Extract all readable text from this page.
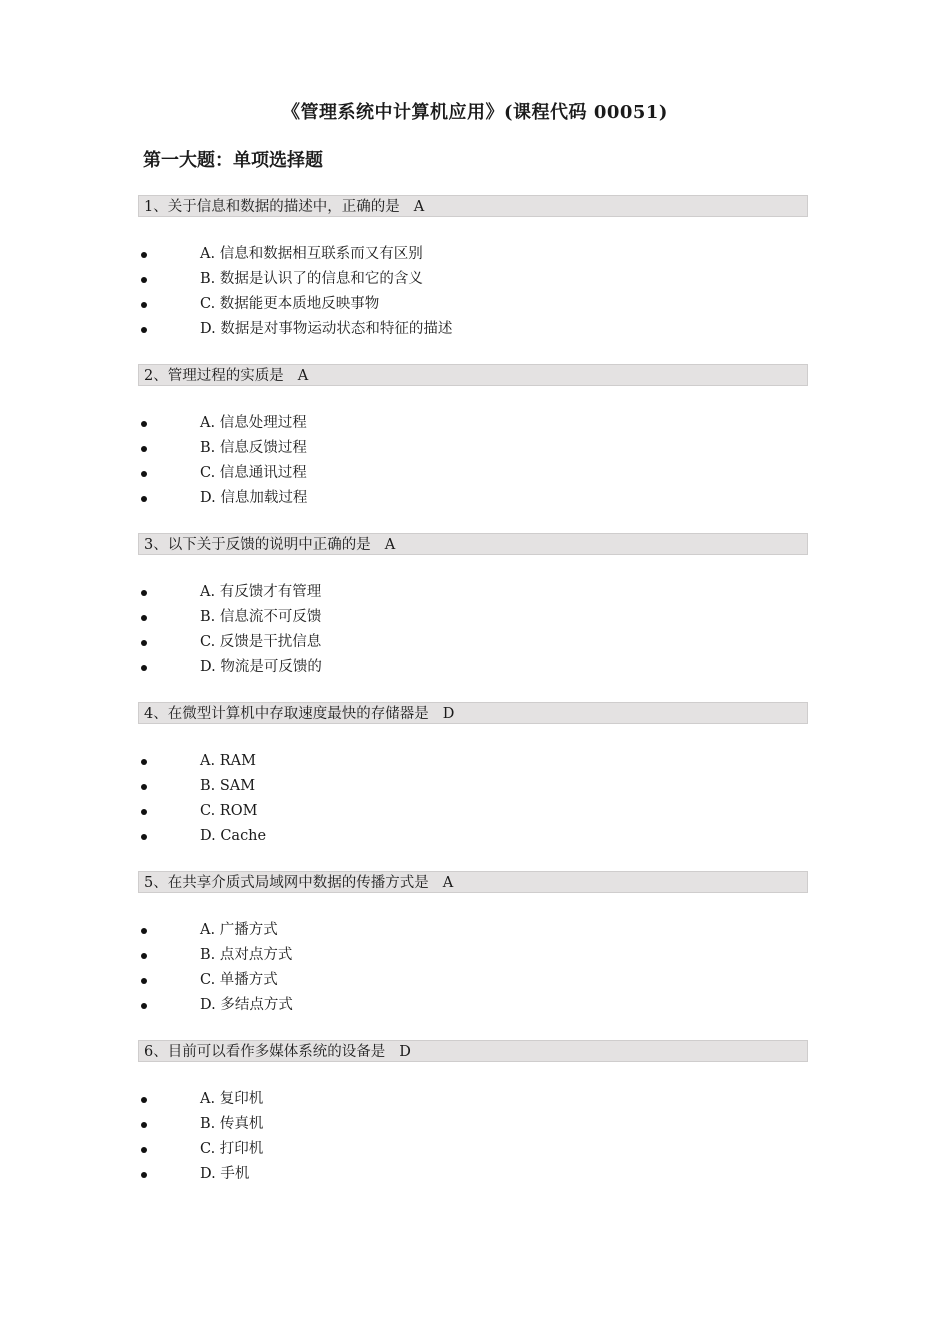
《管理系统中计算机应用》(课程代码 00051)
第一大题：单项选择题
1、关于信息和数据的描述中，正确的是 A
A. 信息和数据相互联系而又有区别
B. 数据是认识了的信息和它的含义
C. 数据能更本质地反映事物
D. 数据是对事物运动状态和特征的描述
2、管理过程的实质是 A
A. 信息处理过程
B. 信息反馈过程
C. 信息通讯过程
D. 信息加载过程
3、以下关于反馈的说明中正确的是 A
A. 有反馈才有管理
B. 信息流不可反馈
C. 反馈是干扰信息
D. 物流是可反馈的
4、在微型计算机中存取速度最快的存储器是 D
A. RAM
B. SAM
C. ROM
D. Cache
5、在共享介质式局域网中数据的传播方式是 A
A. 广播方式
B. 点对点方式
C. 单播方式
D. 多结点方式
6、目前可以看作多媒体系统的设备是 D
A. 复印机
B. 传真机
C. 打印机
D. 手机
